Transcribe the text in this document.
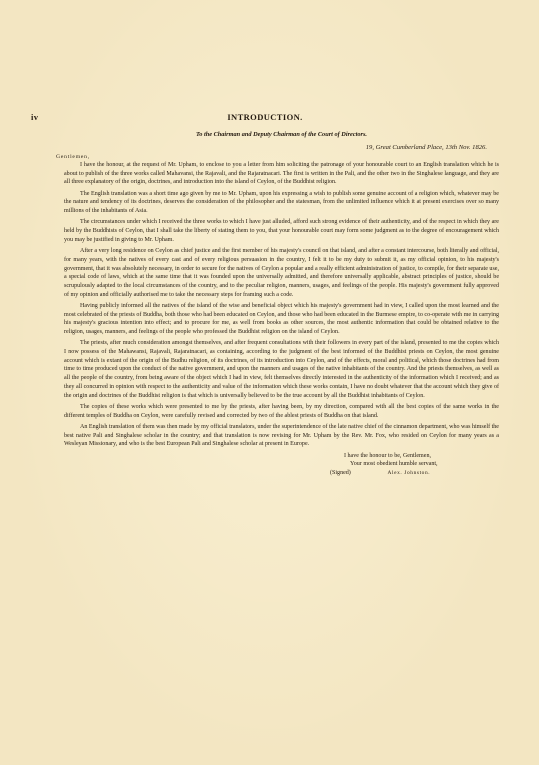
iv	INTRODUCTION.
To the Chairman and Deputy Chairman of the Court of Directors.
19, Great Cumberland Place, 13th Nov. 1826.
Gentlemen,

I have the honour, at the request of Mr. Upham, to enclose to you a letter from him soliciting the patronage of your honourable court to an English translation which he is about to publish of the three works called Mahavansi, the Rajavali, and the Rajaratnacari. The first is written in the Pali, and the other two in the Singhalese language, and they are all three explanatory of the origin, doctrines, and introduction into the island of Ceylon, of the Buddhist religion.

The English translation was a short time ago given by me to Mr. Upham, upon his expressing a wish to publish some genuine account of a religion which, whatever may be the nature and tendency of its doctrines, deserves the consideration of the philosopher and the statesman, from the unlimited influence which it at present exercises over so many millions of the inhabitants of Asia.

The circumstances under which I received the three works to which I have just alluded, afford such strong evidence of their authenticity, and of the respect in which they are held by the Buddhists of Ceylon, that I shall take the liberty of stating them to you, that your honourable court may form some judgment as to the degree of encouragement which you may be justified in giving to Mr. Upham.

After a very long residence on Ceylon as chief justice and the first member of his majesty's council on that island, and after a constant intercourse, both literally and official, for many years, with the natives of every cast and of every religious persuasion in the country, I felt it to be my duty to submit it, as my official opinion, to his majesty's government, that it was absolutely necessary, in order to secure for the natives of Ceylon a popular and a really efficient administration of justice, to compile, for their separate use, a special code of laws, which at the same time that it was founded upon the universally admitted, and therefore universally applicable, abstract principles of justice, should be scrupulously adapted to the local circumstances of the country, and to the peculiar religion, manners, usages, and feelings of the people. His majesty's government fully approved of my opinion and officially authorised me to take the necessary steps for framing such a code.

Having publicly informed all the natives of the island of the wise and beneficial object which his majesty's government had in view, I called upon the most learned and the most celebrated of the priests of Buddha, both those who had been educated on Ceylon, and those who had been educated in the Burmese empire, to co-operate with me in carrying his majesty's gracious intention into effect; and to procure for me, as well from books as other sources, the most authentic information that could be obtained relative to the religion, usages, manners, and feelings of the people who professed the Buddhist religion on the island of Ceylon.

The priests, after much consideration amongst themselves, and after frequent consultations with their followers in every part of the island, presented to me the copies which I now possess of the Mahawansi, Rajavali, Rajaratnacari, as containing, according to the judgment of the best informed of the Buddhist priests on Ceylon, the most genuine account which is extant of the origin of the Budhu religion, of its doctrines, of its introduction into Ceylon, and of the effects, moral and political, which those doctrines had from time to time produced upon the conduct of the native government, and upon the manners and usages of the native inhabitants of the country. And the priests themselves, as well as all the people of the country, from being aware of the object which I had in view, felt themselves directly interested in the authenticity of the information which I received; and as they all concurred in opinion with respect to the authenticity and value of the information which these works contain, I have no doubt whatever that the account which they give of the origin and doctrines of the Buddhist religion is that which is universally believed to be the true account by all the Buddhist inhabitants of Ceylon.

The copies of these works which were presented to me by the priests, after having been, by my direction, compared with all the best copies of the same works in the different temples of Buddha on Ceylon, were carefully revised and corrected by two of the ablest priests of Buddha on that island.

An English translation of them was then made by my official translators, under the superintendence of the late native chief of the cinnamon department, who was himself the best native Pali and Singhalese scholar in the country; and that translation is now revising for Mr. Upham by the Rev. Mr. Fox, who resided on Ceylon for many years as a Wesleyan Missionary, and who is the best European Pali and Singhalese scholar at present in Europe.

I have the honour to be, Gentlemen,
Your most obedient humble servant,
(Signed)	Alex. Johnston.
